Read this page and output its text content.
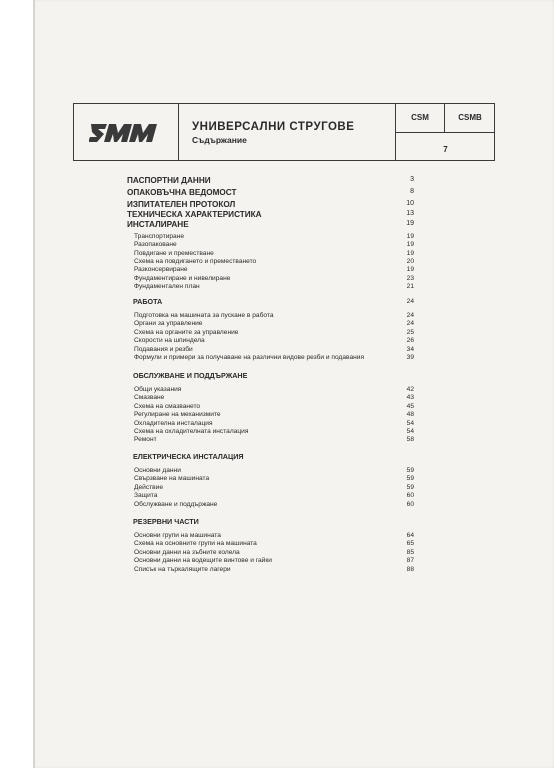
УНИВЕРСАЛНИ СТРУГОВЕ
Съдържание
CSM	CSMB
7
ПАСПОРТНИ ДАННИ	3
ОПАКОВЪЧНА ВЕДОМОСТ	8
ИЗПИТАТЕЛЕН ПРОТОКОЛ	10
ТЕХНИЧЕСКА ХАРАКТЕРИСТИКА	13
ИНСТАЛИРАНЕ	19
Транспортиране	19
Разопаковане	19
Повдигане и преместване	19
Схема на повдигането и преместването	20
Разконсервиране	19
Фундаментиране и нивелиране	23
Фундаментален план	21
РАБОТА	24
Подготовка на машината за пускане в работа	24
Органи за управление	24
Схема на органите за управление	25
Скорости на шпиндела	26
Подавания и резби	34
Формули и примери за получаване на различни видове резби и подавания	39
ОБСЛУЖВАНЕ И ПОДДЪРЖАНЕ
Общи указания	42
Смазване	43
Схема на смазването	45
Регулиране на механизмите	48
Охладителна инсталация	54
Схема на охладителната инсталация	54
Ремонт	58
ЕЛЕКТРИЧЕСКА ИНСТАЛАЦИЯ
Основни данни	59
Свързване на машината	59
Действие	59
Защита	60
Обслужване и поддържане	60
РЕЗЕРВНИ ЧАСТИ
Основни групи на машината	64
Схема на основните групи на машината	65
Основни данни на зъбните колела	85
Основни данни на водещите винтове и гайки	87
Списък на търкалящите лагери	88
